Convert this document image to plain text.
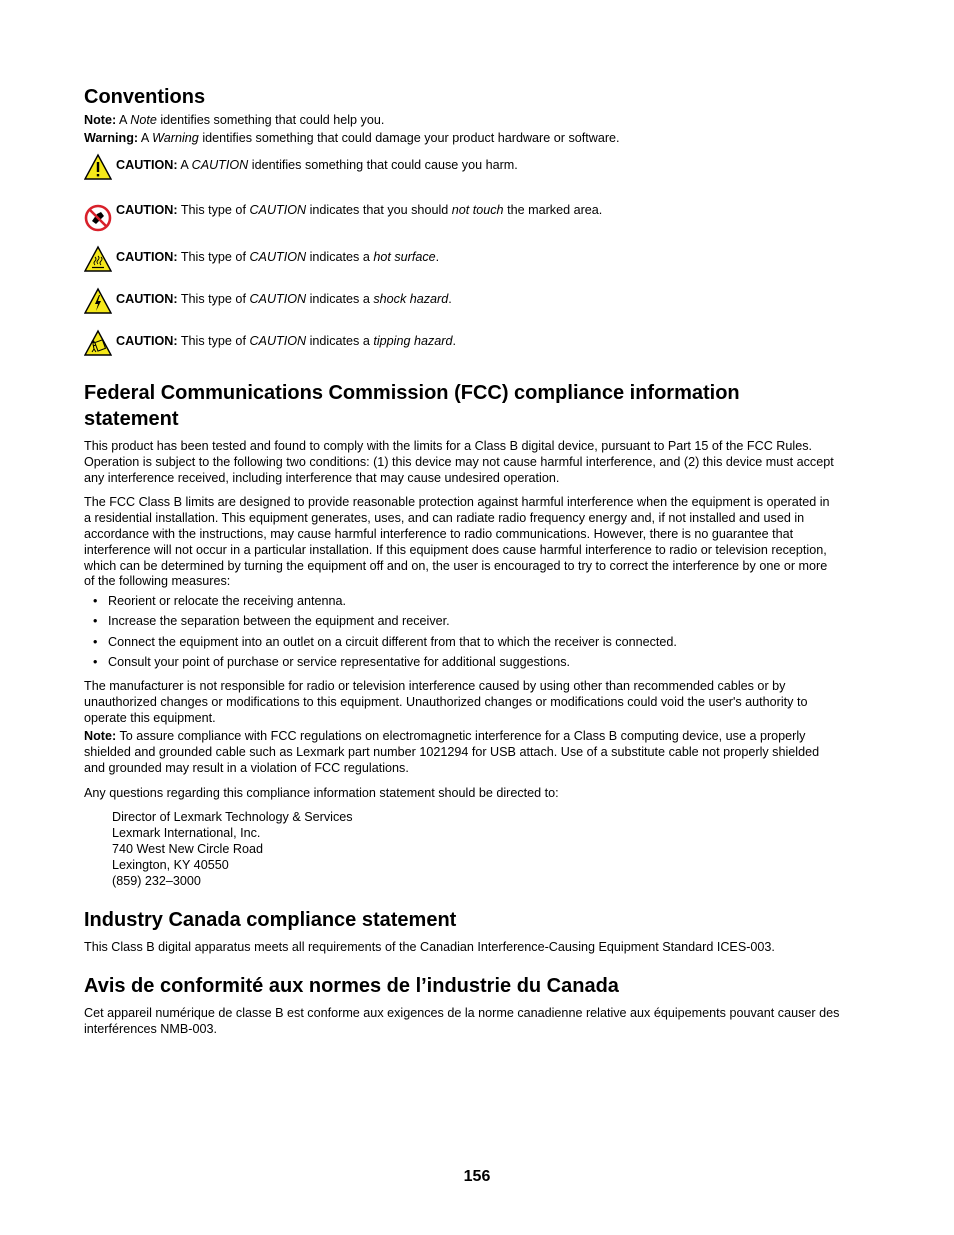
Conventions

Note: A Note identifies something that could help you.

Warning: A Warning identifies something that could damage your product hardware or software.

CAUTION: A CAUTION identifies something that could cause you harm.
CAUTION: This type of CAUTION indicates that you should not touch the marked area.
CAUTION: This type of CAUTION indicates a hot surface.
CAUTION: This type of CAUTION indicates a shock hazard.
CAUTION: This type of CAUTION indicates a tipping hazard.
Federal Communications Commission (FCC) compliance information
statement

This product has been tested and found to comply with the limits for a Class B digital device, pursuant to Part 15 of the FCC Rules.

Operation is subject to the following two conditions: (1) this device may not cause harmful interference, and (2) this device must accept

any interference received, including interference that may cause undesired operation.

The FCC Class B limits are designed to provide reasonable protection against harmful interference when the equipment is operated in

a residential installation. This equipment generates, uses, and can radiate radio frequency energy and, if not installed and used in

accordance with the instructions, may cause harmful interference to radio communications. However, there is no guarantee that

interference will not occur in a particular installation. If this equipment does cause harmful interference to radio or television reception,

which can be determined by turning the equipment off and on, the user is encouraged to try to correct the interference by one or more

of the following measures:

• Reorient or relocate the receiving antenna.
• Increase the separation between the equipment and receiver.
• Connect the equipment into an outlet on a circuit different from that to which the receiver is connected.
• Consult your point of purchase or service representative for additional suggestions.

The manufacturer is not responsible for radio or television interference caused by using other than recommended cables or by

unauthorized changes or modifications to this equipment. Unauthorized changes or modifications could void the user's authority to

operate this equipment.

Note: To assure compliance with FCC regulations on electromagnetic interference for a Class B computing device, use a properly

shielded and grounded cable such as Lexmark part number 1021294 for USB attach. Use of a substitute cable not properly shielded

and grounded may result in a violation of FCC regulations.

Any questions regarding this compliance information statement should be directed to:

Director of Lexmark Technology & Services
Lexmark International, Inc.
740 West New Circle Road
Lexington, KY 40550
(859) 232–3000
Industry Canada compliance statement

This Class B digital apparatus meets all requirements of the Canadian Interference-Causing Equipment Standard ICES-003.

Avis de conformité aux normes de l’industrie du Canada

Cet appareil numérique de classe B est conforme aux exigences de la norme canadienne relative aux équipements pouvant causer des

interférences NMB-003.

156
